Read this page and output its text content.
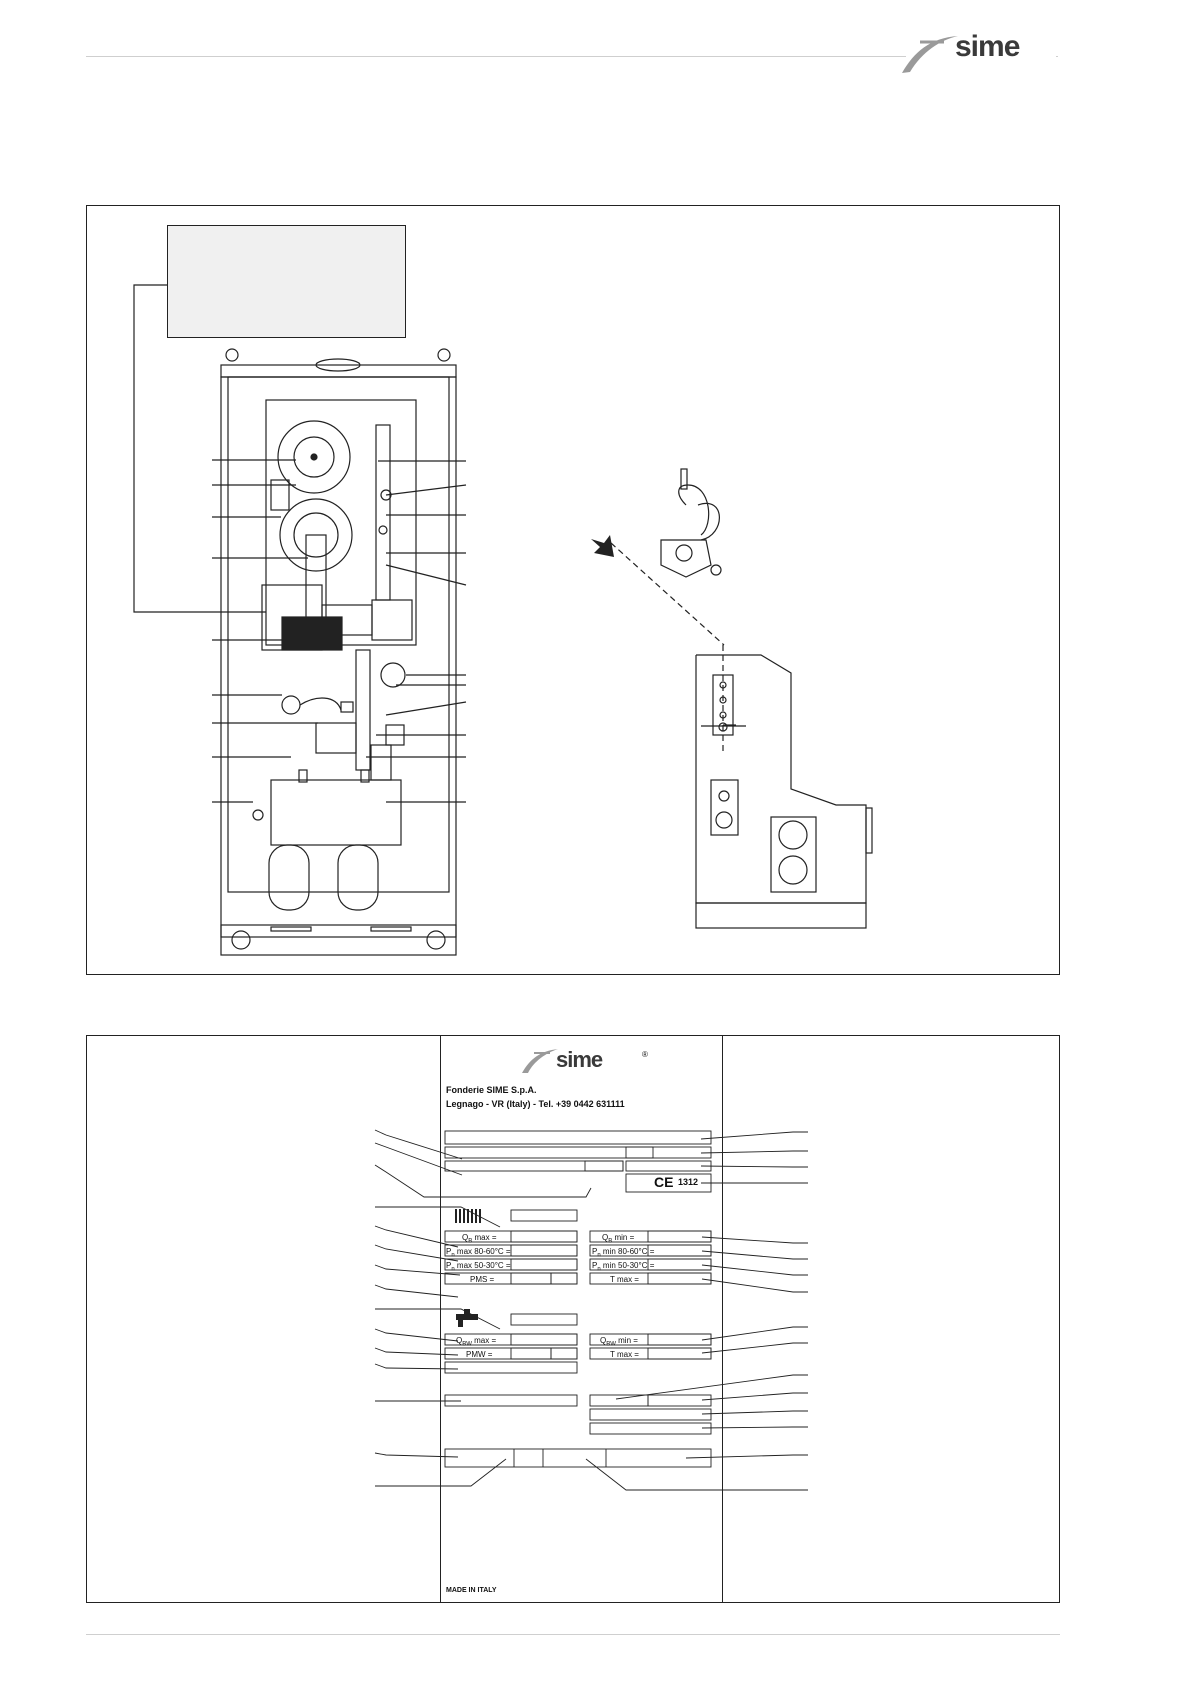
sime
sime	®
Fonderie SIME S.p.A.
Legnago - VR (Italy) - Tel. +39 0442 631111
CE 1312
$Q_B$ max =
$P_n$ max 80-60°C =
$P_n$ max 50-30°C =
PMS =
$Q_B$ min =
$P_n$ min 80-60°C =
$P_n$ min 50-30°C =
T max =
$Q_{BW}$ max =
PMW =
$Q_{BW}$ min =
T max =
MADE IN ITALY
